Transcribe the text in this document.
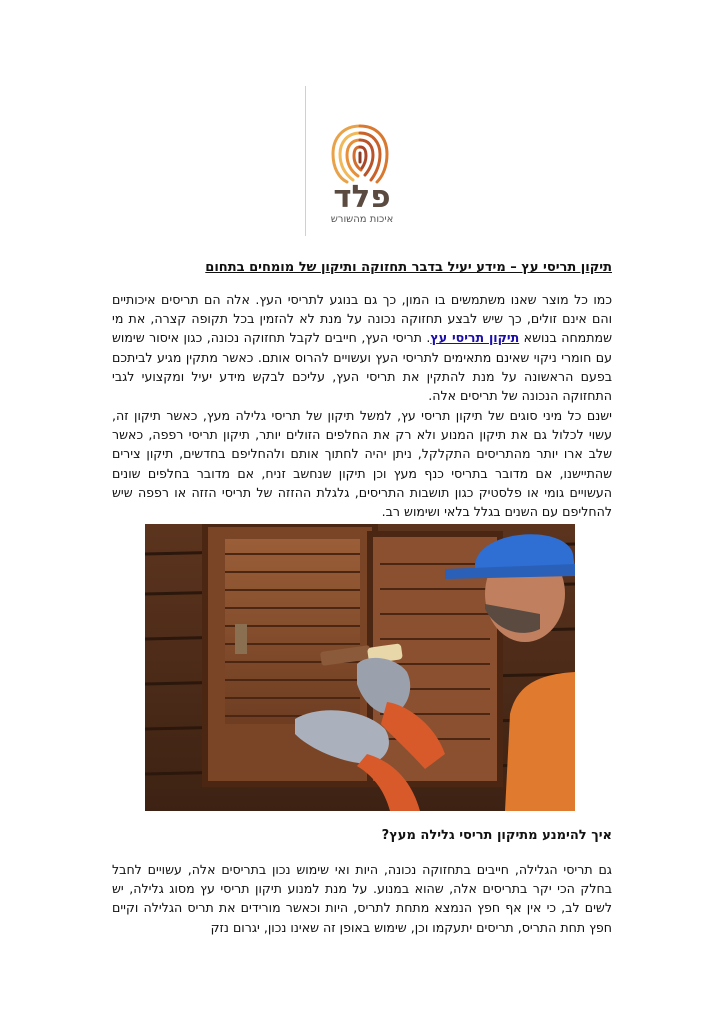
פלד
איכות מהשורש
תיקון תריסי עץ – מידע יעיל בדבר תחזוקה ותיקון של מומחים בתחום

כמו כל מוצר שאנו משתמשים בו המון, כך גם בנוגע לתריסי העץ. אלה הם תריסים איכותיים והם אינם זולים, כך שיש לבצע תחזוקה נכונה על מנת לא להזמין בכל תקופה קצרה, את מי שמתמחה בנושא תיקון תריסי עץ. תריסי העץ, חייבים לקבל תחזוקה נכונה, כגון איסור שימוש עם חומרי ניקוי שאינם מתאימים לתריסי העץ ועשויים להרוס אותם. כאשר מתקין מגיע לביתכם בפעם הראשונה על מנת להתקין את תריסי העץ, עליכם לבקש מידע יעיל ומקצועי לגבי התחזוקה הנכונה של תריסים אלה.

ישנם כל מיני סוגים של תיקון תריסי עץ, למשל תיקון של תריסי גלילה מעץ, כאשר תיקון זה, עשוי לכלול גם את תיקון המנוע ולא רק את החלפים הזולים יותר, תיקון תריסי רפפה, כאשר שלב ארו יותר מהתריסים התקלקל, ניתן יהיה לחתוך אותם ולהחליפם בחדשים, תיקון צירים שהתיישנו, אם מדובר בתריסי כנף מעץ וכן תיקון שנחשב זניח, אם מדובר בחלפים שונים העשויים גומי או פלסטיק כגון תושבות התריסים, גלגלת ההזזה של תריסי הזזה או רפפה שיש להחליפם עם השנים בגלל בלאי ושימוש רב.

איך להימנע מתיקון תריסי גלילה מעץ?

גם תריסי הגלילה, חייבים בתחזוקה נכונה, היות ואי שימוש נכון בתריסים אלה, עשויים לחבל בחלק הכי יקר בתריסים אלה, שהוא במנוע. על מנת למנוע תיקון תריסי עץ מסוג גלילה, יש לשים לב, כי אין אף חפץ הנמצא מתחת לתריס, היות וכאשר מורידים את תריס הגלילה וקיים חפץ תחת התריס, תריסים יתעקמו וכן, שימוש באופן זה שאינו נכון, יגרום נזק
